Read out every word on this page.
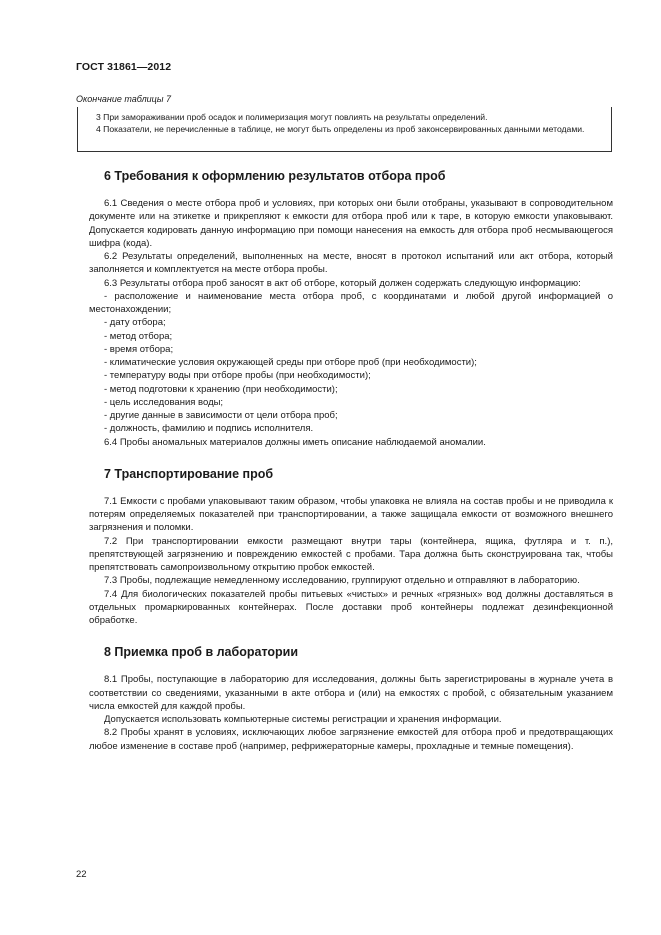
ГОСТ 31861—2012
Окончание таблицы 7

3 При замораживании проб осадок и полимеризация могут повлиять на результаты определений.

4 Показатели, не перечисленные в таблице, не могут быть определены из проб законсервированных данными методами.

6 Требования к оформлению результатов отбора проб

6.1 Сведения о месте отбора проб и условиях, при которых они были отобраны, указывают в сопроводительном документе или на этикетке и прикрепляют к емкости для отбора проб или к таре, в которую емкости упаковывают. Допускается кодировать данную информацию при помощи нанесения на емкость для отбора проб несмывающегося шифра (кода).

6.2 Результаты определений, выполненных на месте, вносят в протокол испытаний или акт отбора, который заполняется и комплектуется на месте отбора пробы.

6.3 Результаты отбора проб заносят в акт об отборе, который должен содержать следующую информацию:

- расположение и наименование места отбора проб, с координатами и любой другой информацией о местонахождении;

- дату отбора;

- метод отбора;

- время отбора;

- климатические условия окружающей среды при отборе проб (при необходимости);

- температуру воды при отборе пробы (при необходимости);

- метод подготовки к хранению (при необходимости);

- цель исследования воды;

- другие данные в зависимости от цели отбора проб;

- должность, фамилию и подпись исполнителя.

6.4 Пробы аномальных материалов должны иметь описание наблюдаемой аномалии.

7 Транспортирование проб

7.1 Емкости с пробами упаковывают таким образом, чтобы упаковка не влияла на состав пробы и не приводила к потерям определяемых показателей при транспортировании, а также защищала емкости от возможного внешнего загрязнения и поломки.

7.2 При транспортировании емкости размещают внутри тары (контейнера, ящика, футляра и т. п.), препятствующей загрязнению и повреждению емкостей с пробами. Тара должна быть сконструирована так, чтобы препятствовать самопроизвольному открытию пробок емкостей.

7.3 Пробы, подлежащие немедленному исследованию, группируют отдельно и отправляют в лабораторию.

7.4 Для биологических показателей пробы питьевых «чистых» и речных «грязных» вод должны доставляться в отдельных промаркированных контейнерах. После доставки проб контейнеры подлежат дезинфекционной обработке.

8 Приемка проб в лаборатории

8.1 Пробы, поступающие в лабораторию для исследования, должны быть зарегистрированы в журнале учета в соответствии со сведениями, указанными в акте отбора и (или) на емкостях с пробой, с обязательным указанием числа емкостей для каждой пробы.

Допускается использовать компьютерные системы регистрации и хранения информации.

8.2 Пробы хранят в условиях, исключающих любое загрязнение емкостей для отбора проб и предотвращающих любое изменение в составе проб (например, рефрижераторные камеры, прохладные и темные помещения).

22
